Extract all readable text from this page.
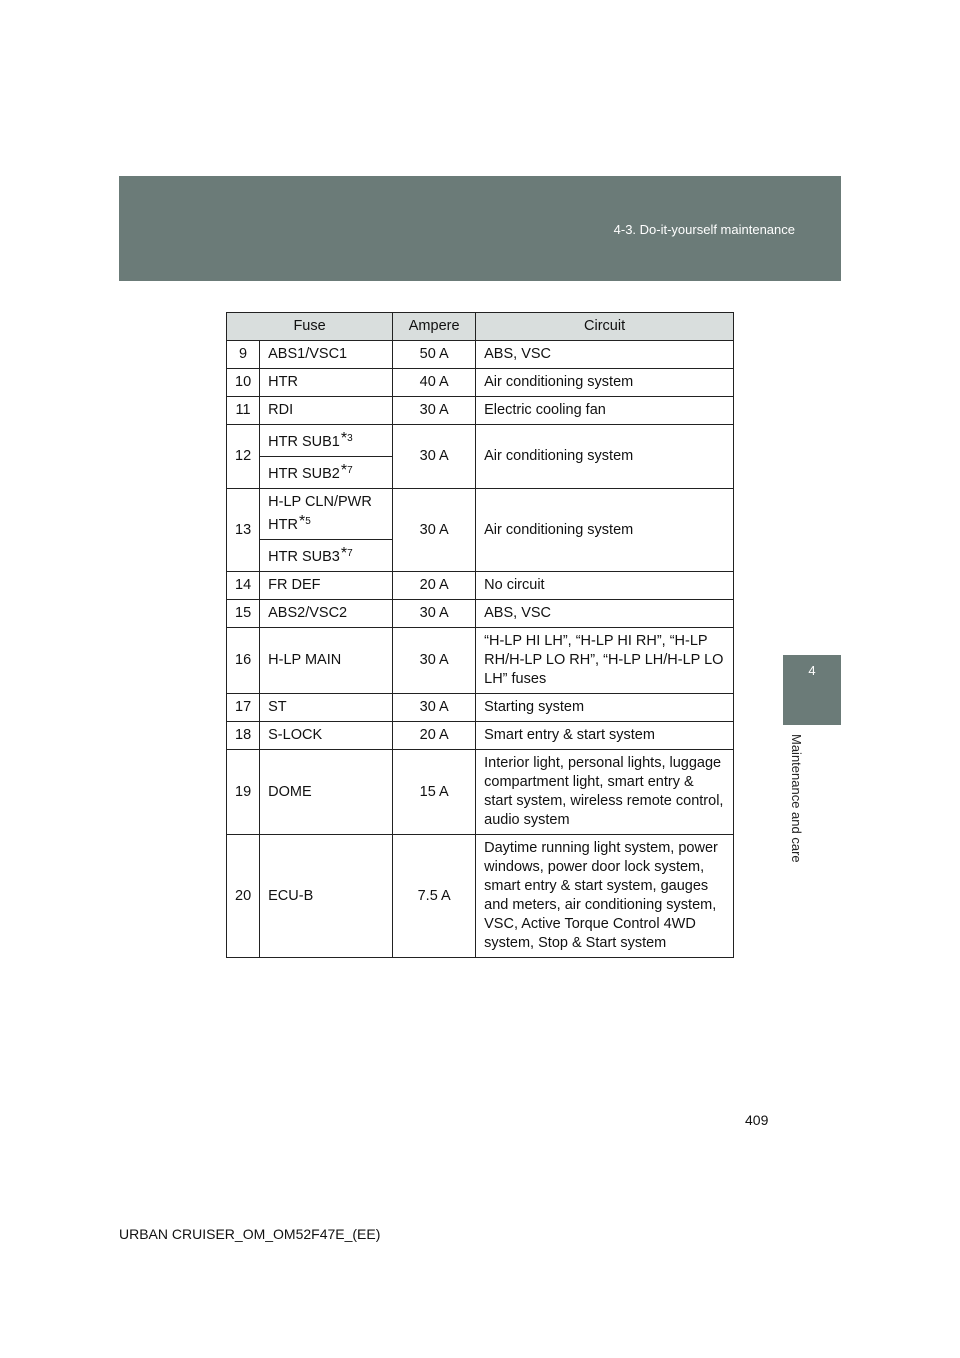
4-3. Do-it-yourself maintenance
4
Maintenance and care
Fuse		Ampere	Circuit
9	ABS1/VSC1	50 A	ABS, VSC
10	HTR	40 A	Air conditioning system
11	RDI	30 A	Electric cooling fan
12	HTR SUB1*$^3$	30 A	Air conditioning system
	HTR SUB2*$^7$
13	H-LP CLN/PWR HTR*$^5$	30 A	Air conditioning system
	HTR SUB3*$^7$
14	FR DEF	20 A	No circuit
15	ABS2/VSC2	30 A	ABS, VSC
16	H-LP MAIN	30 A	“H-LP HI LH”, “H-LP HI RH”, “H-LP RH/H-LP LO RH”, “H-LP LH/H-LP LO LH” fuses
17	ST	30 A	Starting system
18	S-LOCK	20 A	Smart entry & start system
19	DOME	15 A	Interior light, personal lights, luggage compartment light, smart entry & start system, wireless remote control, audio system
20	ECU-B	7.5 A	Daytime running light system, power windows, power door lock system, smart entry & start system, gauges and meters, air conditioning system, VSC, Active Torque Control 4WD system, Stop & Start system
409
URBAN CRUISER_OM_OM52F47E_(EE)
